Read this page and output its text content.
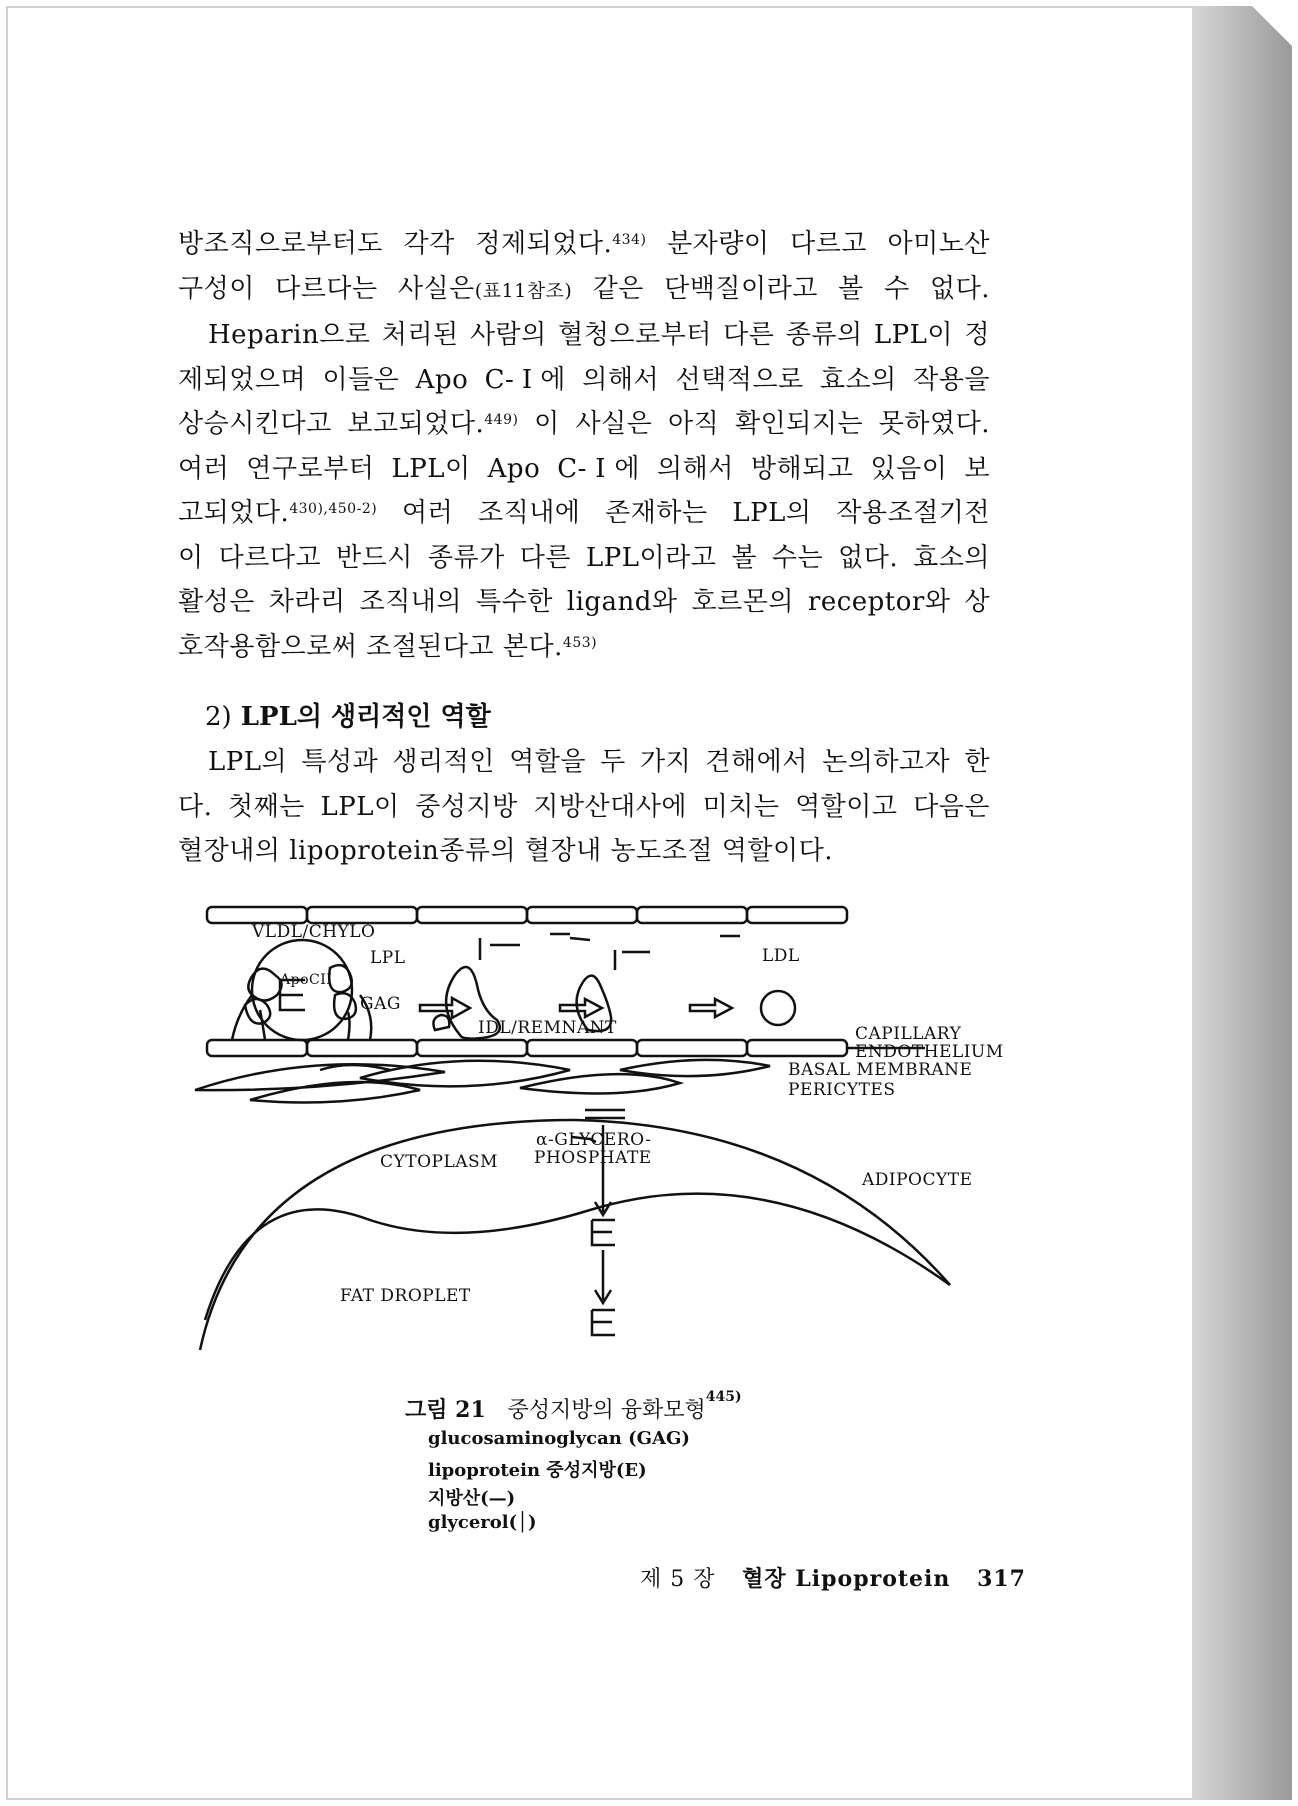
방조직으로부터도 각각 정제되었다.$^{434)}$ 분자량이 다르고 아미노산
구성이 다르다는 사실은(표11참조) 같은 단백질이라고 볼 수 없다.

Heparin으로 처리된 사람의 혈청으로부터 다른 종류의 LPL이 정
제되었으며 이들은 Apo C-Ⅰ에 의해서 선택적으로 효소의 작용을
상승시킨다고 보고되었다.$^{449)}$ 이 사실은 아직 확인되지는 못하였다.
여러 연구로부터 LPL이 Apo C-Ⅰ에 의해서 방해되고 있음이 보
고되었다.$^{430),450-2)}$ 여러 조직내에 존재하는 LPL의 작용조절기전
이 다르다고 반드시 종류가 다른 LPL이라고 볼 수는 없다. 효소의
활성은 차라리 조직내의 특수한 ligand와 호르몬의 receptor와 상
호작용함으로써 조절된다고 본다.$^{453)}$

2) LPL의 생리적인 역할

LPL의 특성과 생리적인 역할을 두 가지 견해에서 논의하고자 한
다. 첫째는 LPL이 중성지방 지방산대사에 미치는 역할이고 다음은
혈장내의 lipoprotein종류의 혈장내 농도조절 역할이다.

VLDL/CHYLO
LPL
ApoCII
GAG
LDL
IDL/REMNANT	CAPILLARY
ENDOTHELIUM
BASAL MEMBRANE
PERICYTES
α-GLYCERO-
PHOSPHATE
CYTOPLASM
ADIPOCYTE
FAT DROPLET
그림 21 중성지방의 융화모형$^{445)}$
glucosaminoglycan (GAG)
lipoprotein 중성지방(E)
지방산(—)
glycerol(│)
제 5 장 혈장 Lipoprotein 317
